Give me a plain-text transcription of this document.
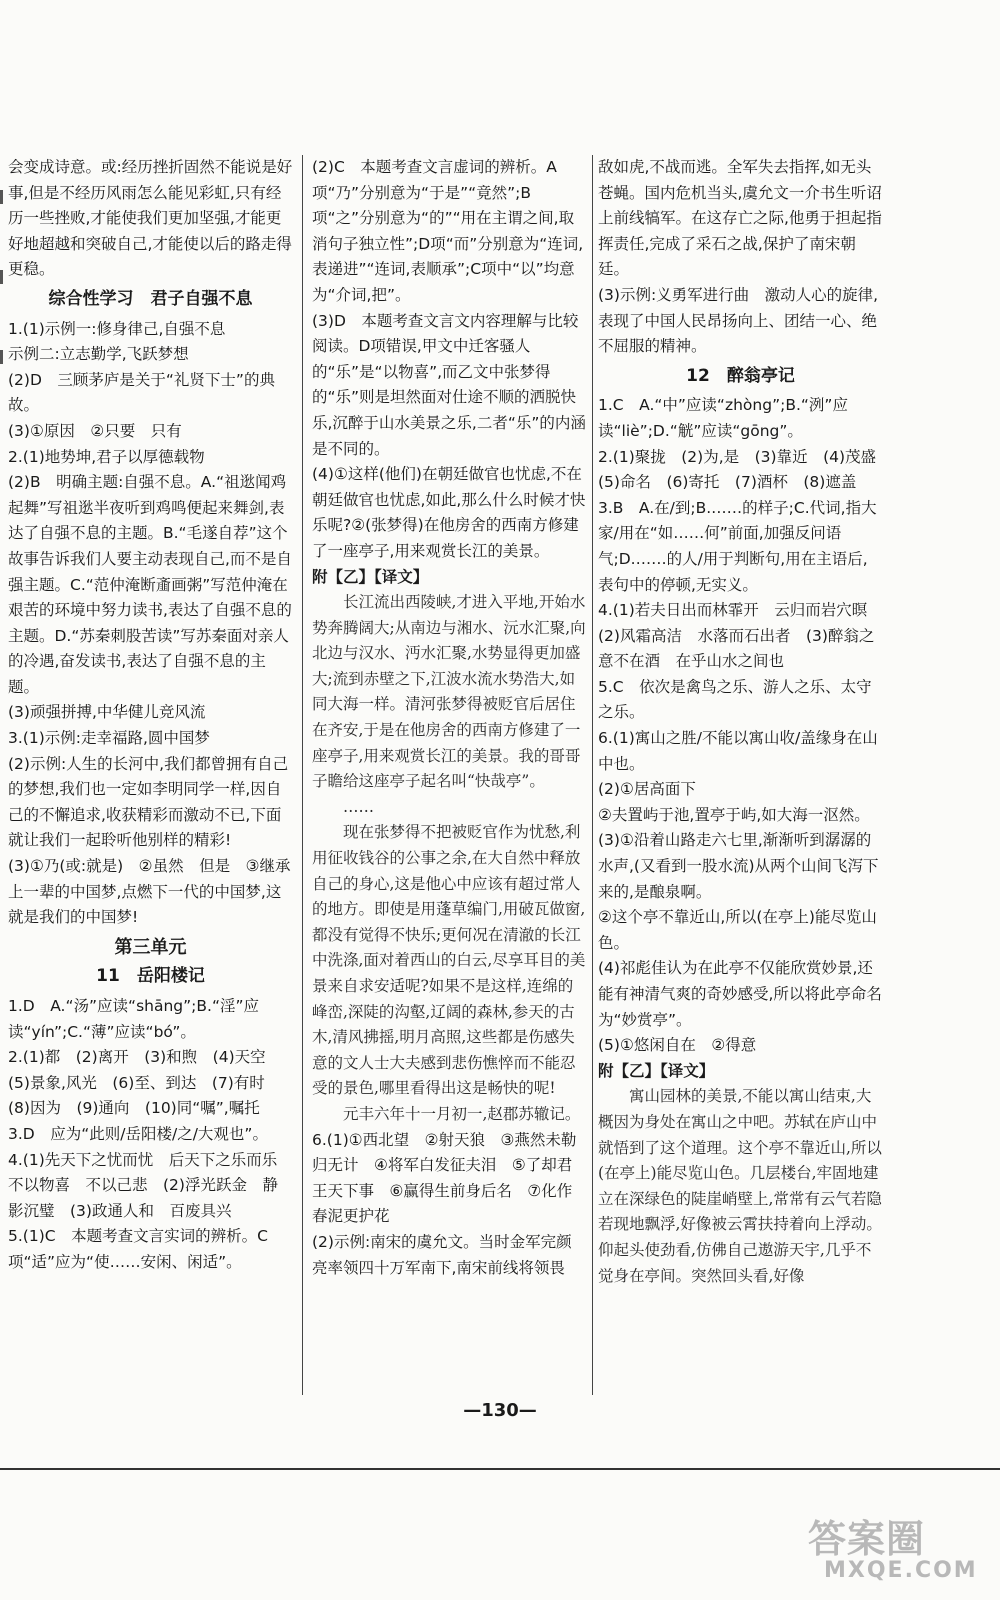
会变成诗意。或:经历挫折固然不能说是好事,但是不经历风雨怎么能见彩虹,只有经历一些挫败,才能使我们更加坚强,才能更好地超越和突破自己,才能使以后的路走得更稳。

综合性学习　君子自强不息

1.(1)示例一:修身律己,自强不息

示例二:立志勤学,飞跃梦想

(2)D　三顾茅庐是关于“礼贤下士”的典故。

(3)①原因　②只要　只有

2.(1)地势坤,君子以厚德载物

(2)B　明确主题:自强不息。A.“祖逖闻鸡起舞”写祖逖半夜听到鸡鸣便起来舞剑,表达了自强不息的主题。B.“毛遂自荐”这个故事告诉我们人要主动表现自己,而不是自强主题。C.“范仲淹断齑画粥”写范仲淹在艰苦的环境中努力读书,表达了自强不息的主题。D.“苏秦刺股苦读”写苏秦面对亲人的冷遇,奋发读书,表达了自强不息的主题。

(3)顽强拼搏,中华健儿竞风流

3.(1)示例:走幸福路,圆中国梦

(2)示例:人生的长河中,我们都曾拥有自己的梦想,我们也一定如李明同学一样,因自己的不懈追求,收获精彩而激动不已,下面就让我们一起聆听他别样的精彩!

(3)①乃(或:就是)　②虽然　但是　③继承上一辈的中国梦,点燃下一代的中国梦,这就是我们的中国梦!

第三单元

11　岳阳楼记

1.D　A.“汤”应读“shāng”;B.“淫”应读“yín”;C.“薄”应读“bó”。

2.(1)都　(2)离开　(3)和煦　(4)天空　(5)景象,风光　(6)至、到达　(7)有时　(8)因为　(9)通向　(10)同“嘱”,嘱托

3.D　应为“此则/岳阳楼/之/大观也”。

4.(1)先天下之忧而忧　后天下之乐而乐　不以物喜　不以己悲　(2)浮光跃金　静影沉璧　(3)政通人和　百废具兴

5.(1)C　本题考查文言实词的辨析。C项“适”应为“使……安闲、闲适”。

(2)C　本题考查文言虚词的辨析。A项“乃”分别意为“于是”“竟然”;B项“之”分别意为“的”“用在主谓之间,取消句子独立性”;D项“而”分别意为“连词,表递进”“连词,表顺承”;C项中“以”均意为“介词,把”。

(3)D　本题考查文言文内容理解与比较阅读。D项错误,甲文中迁客骚人的“乐”是“以物喜”,而乙文中张梦得的“乐”则是坦然面对仕途不顺的洒脱快乐,沉醉于山水美景之乐,二者“乐”的内涵是不同的。

(4)①这样(他们)在朝廷做官也忧虑,不在朝廷做官也忧虑,如此,那么什么时候才快乐呢?②(张梦得)在他房舍的西南方修建了一座亭子,用来观赏长江的美景。

附【乙】【译文】

长江流出西陵峡,才进入平地,开始水势奔腾阔大;从南边与湘水、沅水汇聚,向北边与汉水、沔水汇聚,水势显得更加盛大;流到赤壁之下,江波水流水势浩大,如同大海一样。清河张梦得被贬官后居住在齐安,于是在他房舍的西南方修建了一座亭子,用来观赏长江的美景。我的哥哥子瞻给这座亭子起名叫“快哉亭”。

……

现在张梦得不把被贬官作为忧愁,利用征收钱谷的公事之余,在大自然中释放自己的身心,这是他心中应该有超过常人的地方。即使是用蓬草编门,用破瓦做窗,都没有觉得不快乐;更何况在清澈的长江中洗涤,面对着西山的白云,尽享耳目的美景来自求安适呢?如果不是这样,连绵的峰峦,深陡的沟壑,辽阔的森林,参天的古木,清风拂摇,明月高照,这些都是伤感失意的文人士大夫感到悲伤憔悴而不能忍受的景色,哪里看得出这是畅快的呢!

元丰六年十一月初一,赵郡苏辙记。

6.(1)①西北望　②射天狼　③燕然未勒归无计　④将军白发征夫泪　⑤了却君王天下事　⑥赢得生前身后名　⑦化作春泥更护花

(2)示例:南宋的虞允文。当时金军完颜亮率领四十万军南下,南宋前线将领畏

敌如虎,不战而逃。全军失去指挥,如无头苍蝇。国内危机当头,虞允文一介书生听诏上前线犒军。在这存亡之际,他勇于担起指挥责任,完成了采石之战,保护了南宋朝廷。

(3)示例:义勇军进行曲　激动人心的旋律,表现了中国人民昂扬向上、团结一心、绝不屈服的精神。

12　醉翁亭记

1.C　A.“中”应读“zhòng”;B.“洌”应读“liè”;D.“觥”应读“gōng”。

2.(1)聚拢　(2)为,是　(3)靠近　(4)茂盛　(5)命名　(6)寄托　(7)酒杯　(8)遮盖

3.B　A.在/到;B.……的样子;C.代词,指大家/用在“如……何”前面,加强反问语气;D.……的人/用于判断句,用在主语后,表句中的停顿,无实义。

4.(1)若夫日出而林霏开　云归而岩穴暝　(2)风霜高洁　水落而石出者　(3)醉翁之意不在酒　在乎山水之间也

5.C　依次是禽鸟之乐、游人之乐、太守之乐。

6.(1)寓山之胜/不能以寓山收/盖缘身在山中也。

(2)①居高面下

②夫置屿于池,置亭于屿,如大海一沤然。

(3)①沿着山路走六七里,渐渐听到潺潺的水声,(又看到一股水流)从两个山间飞泻下来的,是酿泉啊。

②这个亭不靠近山,所以(在亭上)能尽览山色。

(4)祁彪佳认为在此亭不仅能欣赏妙景,还能有神清气爽的奇妙感受,所以将此亭命名为“妙赏亭”。

(5)①悠闲自在　②得意

附【乙】【译文】

寓山园林的美景,不能以寓山结束,大概因为身处在寓山之中吧。苏轼在庐山中就悟到了这个道理。这个亭不靠近山,所以(在亭上)能尽览山色。几层楼台,牢固地建立在深绿色的陡崖峭壁上,常常有云气若隐若现地飘浮,好像被云霄扶持着向上浮动。仰起头使劲看,仿佛自己遨游天宇,几乎不觉身在亭间。突然回头看,好像

—130—
答案圈
MXQE.COM
